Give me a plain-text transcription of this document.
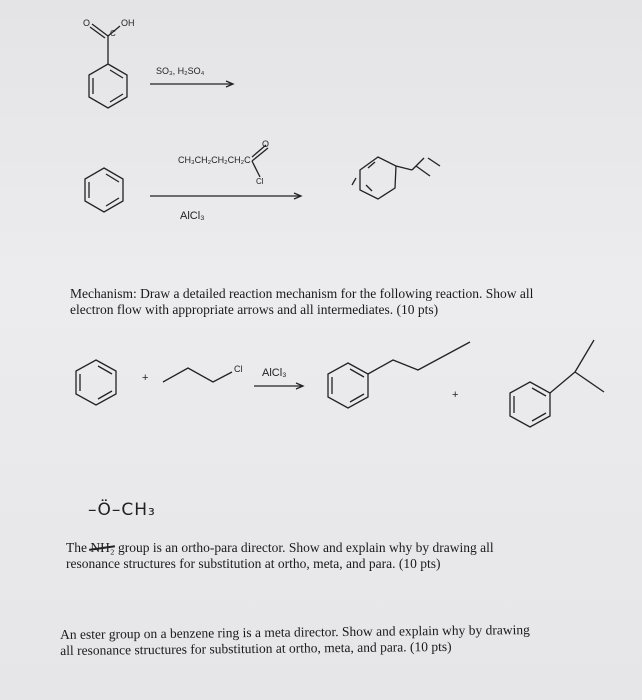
OH
O
C
SO₃, H₂SO₄
CH₃CH₂CH₂CH₂C
O
Cl
AlCl₃
Mechanism: Draw a detailed reaction mechanism for the following reaction. Show all
electron flow with appropriate arrows and all intermediates. (10 pts)
+
Cl AlCl₃
+
–Ö–CH₃
The NH₂ group is an ortho-para director. Show and explain why by drawing all
resonance structures for substitution at ortho, meta, and para. (10 pts)
An ester group on a benzene ring is a meta director. Show and explain why by drawing
all resonance structures for substitution at ortho, meta, and para. (10 pts)
